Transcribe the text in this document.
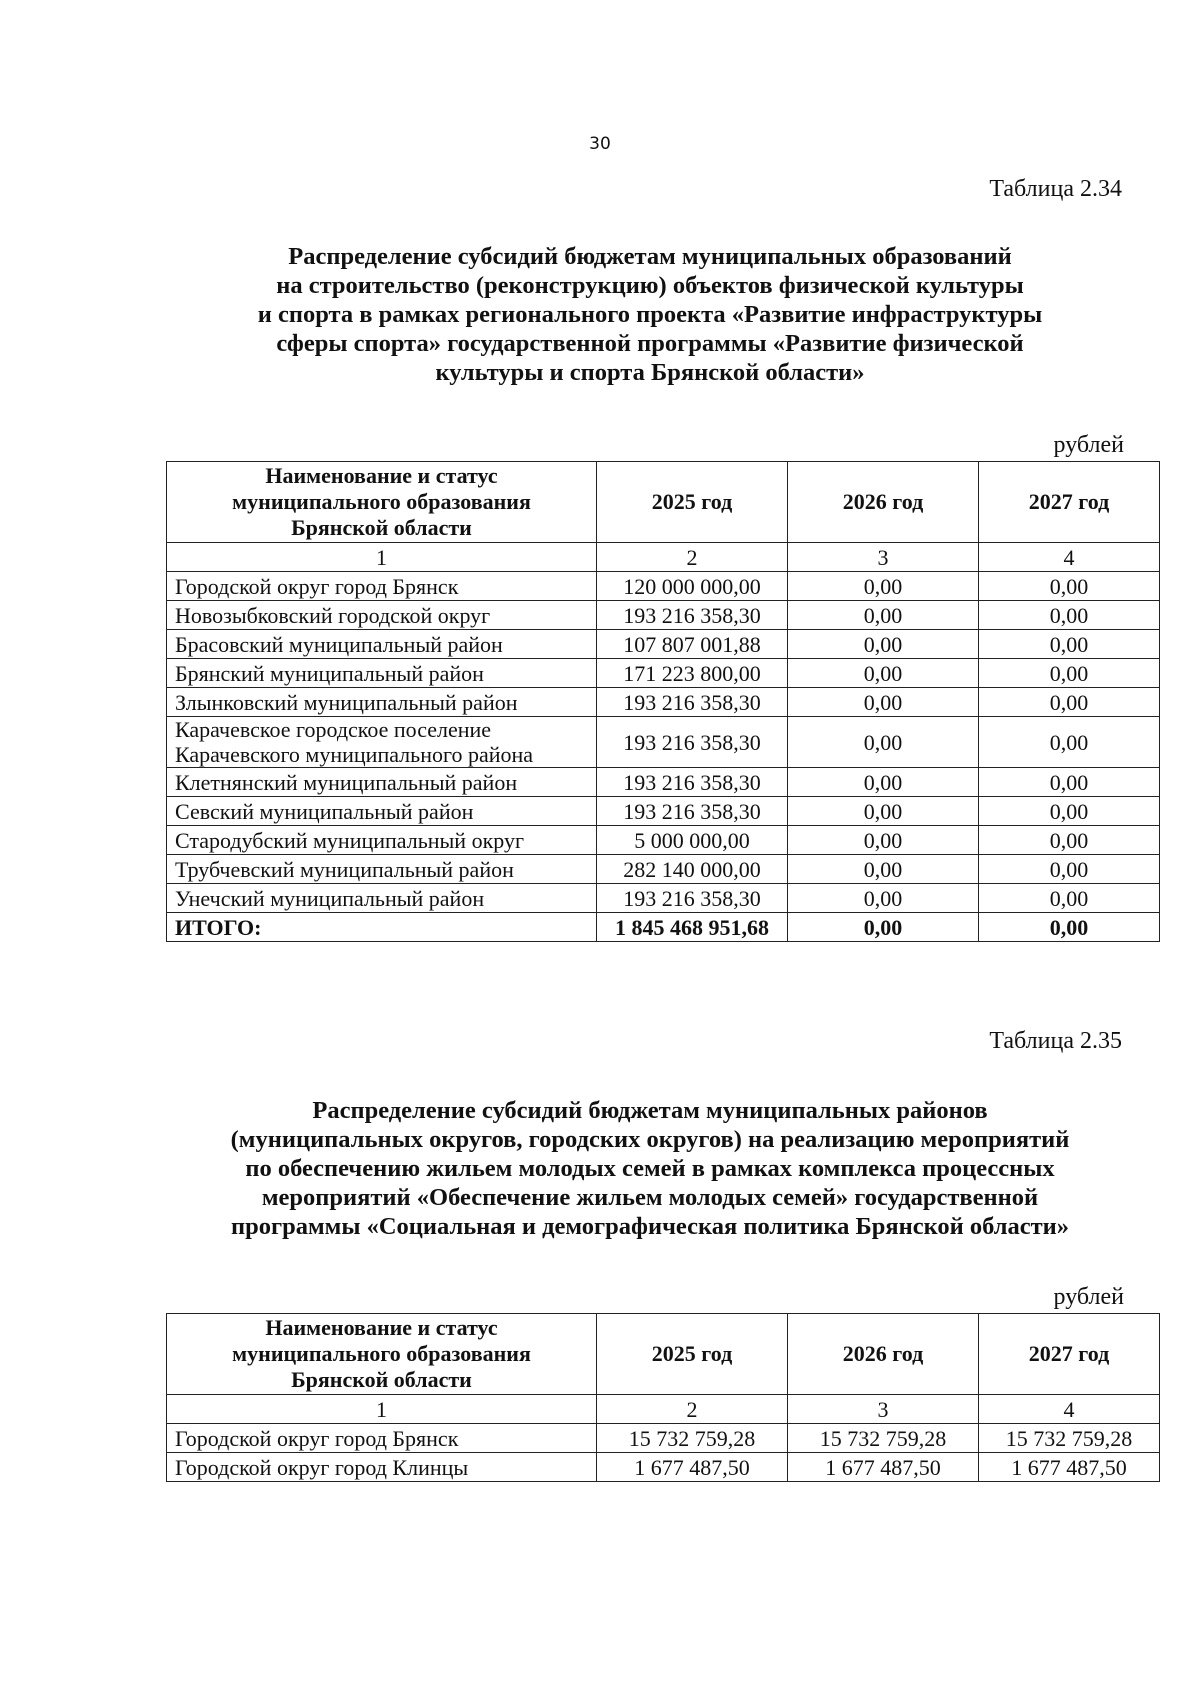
30
Таблица 2.34
Распределение субсидий бюджетам муниципальных образований
на строительство (реконструкцию) объектов физической культуры
и спорта в рамках регионального проекта «Развитие инфраструктуры
сферы спорта» государственной программы «Развитие физической
культуры и спорта Брянской области»
рублей
Наименование и статус
муниципального образования
Брянской области	2025 год	2026 год	2027 год
1	2	3	4

Городской округ город Брянск	120 000 000,00	0,00	0,00

Новозыбковский городской округ	193 216 358,30	0,00	0,00

Брасовский муниципальный район	107 807 001,88	0,00	0,00

Брянский муниципальный район	171 223 800,00	0,00	0,00

Злынковский муниципальный район	193 216 358,30	0,00	0,00

Карачевское городское поселение
Карачевского муниципального района	193 216 358,30	0,00	0,00

Клетнянский муниципальный район	193 216 358,30	0,00	0,00

Севский муниципальный район	193 216 358,30	0,00	0,00

Стародубский муниципальный округ	5 000 000,00	0,00	0,00

Трубчевский муниципальный район	282 140 000,00	0,00	0,00

Унечский муниципальный район	193 216 358,30	0,00	0,00
ИТОГО:	1 845 468 951,68	0,00	0,00
Таблица 2.35
Распределение субсидий бюджетам муниципальных районов
(муниципальных округов, городских округов) на реализацию мероприятий
по обеспечению жильем молодых семей в рамках комплекса процессных
мероприятий «Обеспечение жильем молодых семей» государственной
программы «Социальная и демографическая политика Брянской области»
рублей
Наименование и статус
муниципального образования
Брянской области	2025 год	2026 год	2027 год
1	2	3	4

Городской округ город Брянск	15 732 759,28	15 732 759,28	15 732 759,28

Городской округ город Клинцы	1 677 487,50	1 677 487,50	1 677 487,50
